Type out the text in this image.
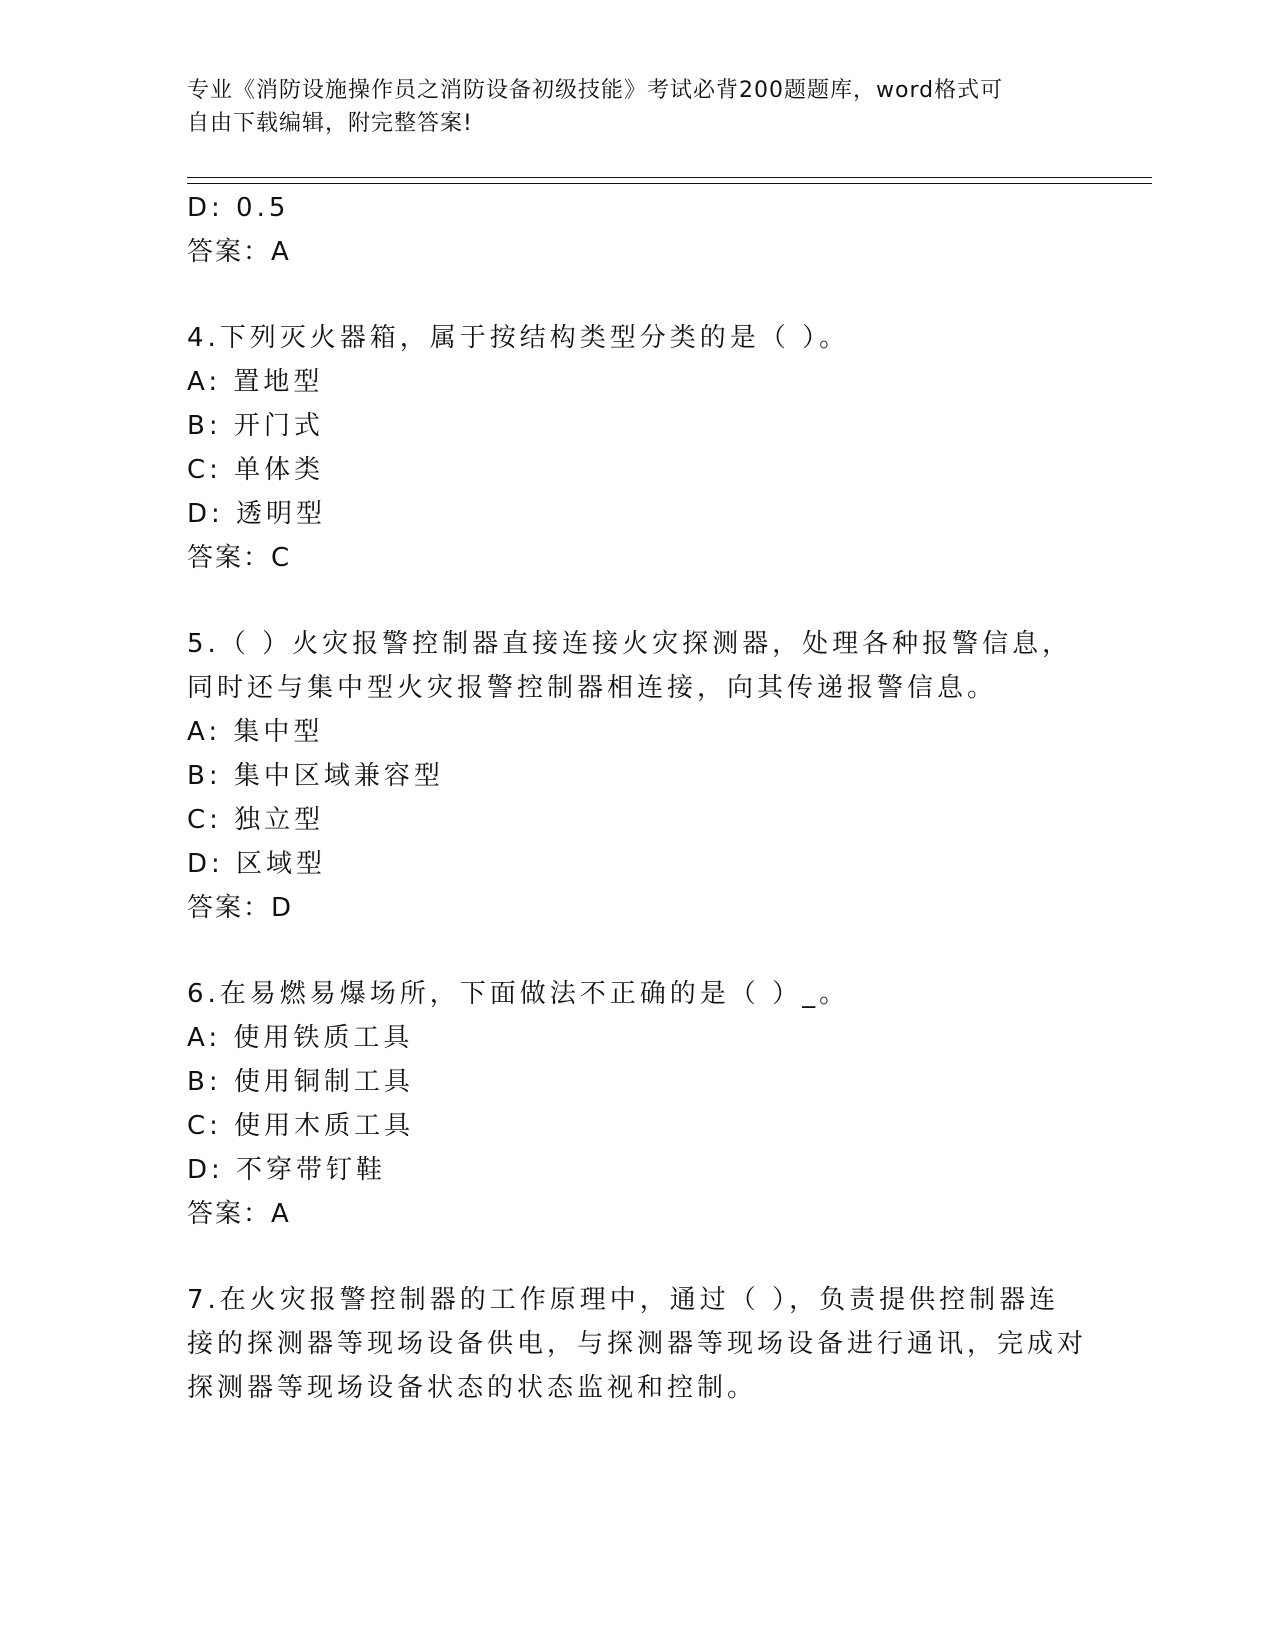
专业《消防设施操作员之消防设备初级技能》考试必背200题题库，word格式可
自由下载编辑，附完整答案!
D: 0.5
答案：A
4.下列灭火器箱，属于按结构类型分类的是（ ）。
A: 置地型
B: 开门式
C: 单体类
D: 透明型
答案：C
5.（ ）火灾报警控制器直接连接火灾探测器，处理各种报警信息，
同时还与集中型火灾报警控制器相连接，向其传递报警信息。
A: 集中型
B: 集中区域兼容型
C: 独立型
D: 区域型
答案：D
6.在易燃易爆场所，下面做法不正确的是（ ）_。
A: 使用铁质工具
B: 使用铜制工具
C: 使用木质工具
D: 不穿带钉鞋
答案：A
7.在火灾报警控制器的工作原理中，通过（ ），负责提供控制器连
接的探测器等现场设备供电，与探测器等现场设备进行通讯，完成对
探测器等现场设备状态的状态监视和控制。
